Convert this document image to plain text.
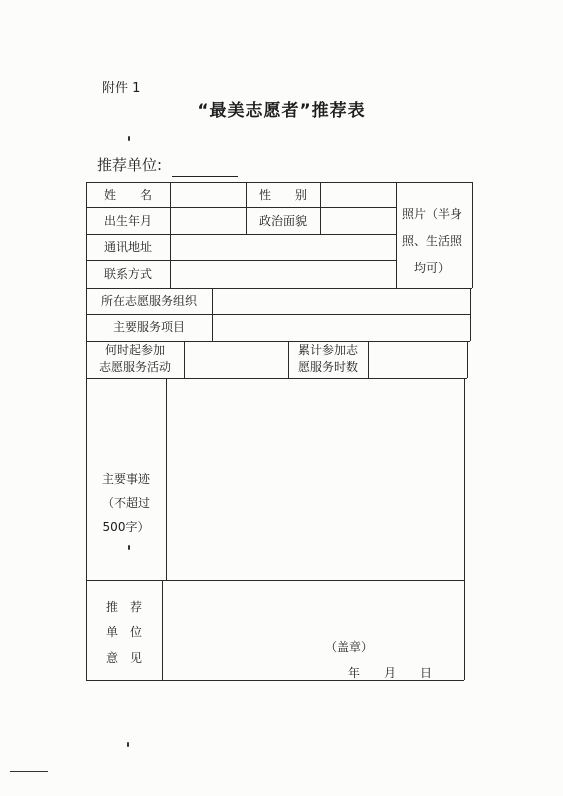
附件 1
“最美志愿者”推荐表
推荐单位:
姓　　名	性　　别
照片（半身
照、生活照
均可）
出生年月	政治面貌
通讯地址
联系方式
所在志愿服务组织
主要服务项目
何时起参加
志愿服务活动
累计参加志
愿服务时数
主要事迹
（不超过
500字）
推　荐
单　位
意　见
（盖章）
年　　月　　日
